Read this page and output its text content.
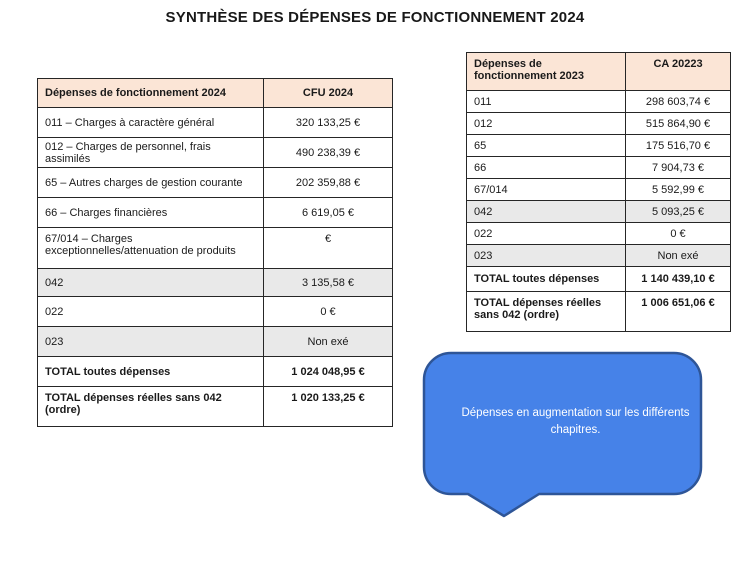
SYNTHÈSE DES DÉPENSES DE FONCTIONNEMENT 2024
Dépenses de fonctionnement 2024	CFU 2024
011 – Charges à caractère général	320 133,25 €
012 – Charges de personnel, frais assimilés	490 238,39 €
65 – Autres charges de gestion courante	202 359,88 €
66 – Charges financières	6 619,05 €
67/014 – Charges exceptionnelles/attenuation de produits	€
042	3 135,58 €
022	0 €
023	Non exé
TOTAL toutes dépenses	1 024 048,95 €
TOTAL dépenses réelles sans 042 (ordre)	1 020 133,25 €
Dépenses de fonctionnement 2023	CA 20223
011	298 603,74 €
012	515 864,90 €
65	175 516,70 €
66	7 904,73 €
67/014	5 592,99 €
042	5 093,25 €
022	0 €
023	Non exé
TOTAL toutes dépenses	1 140 439,10 €
TOTAL dépenses réelles sans 042 (ordre)	1 006 651,06 €
Dépenses en augmentation sur les différents chapitres.
